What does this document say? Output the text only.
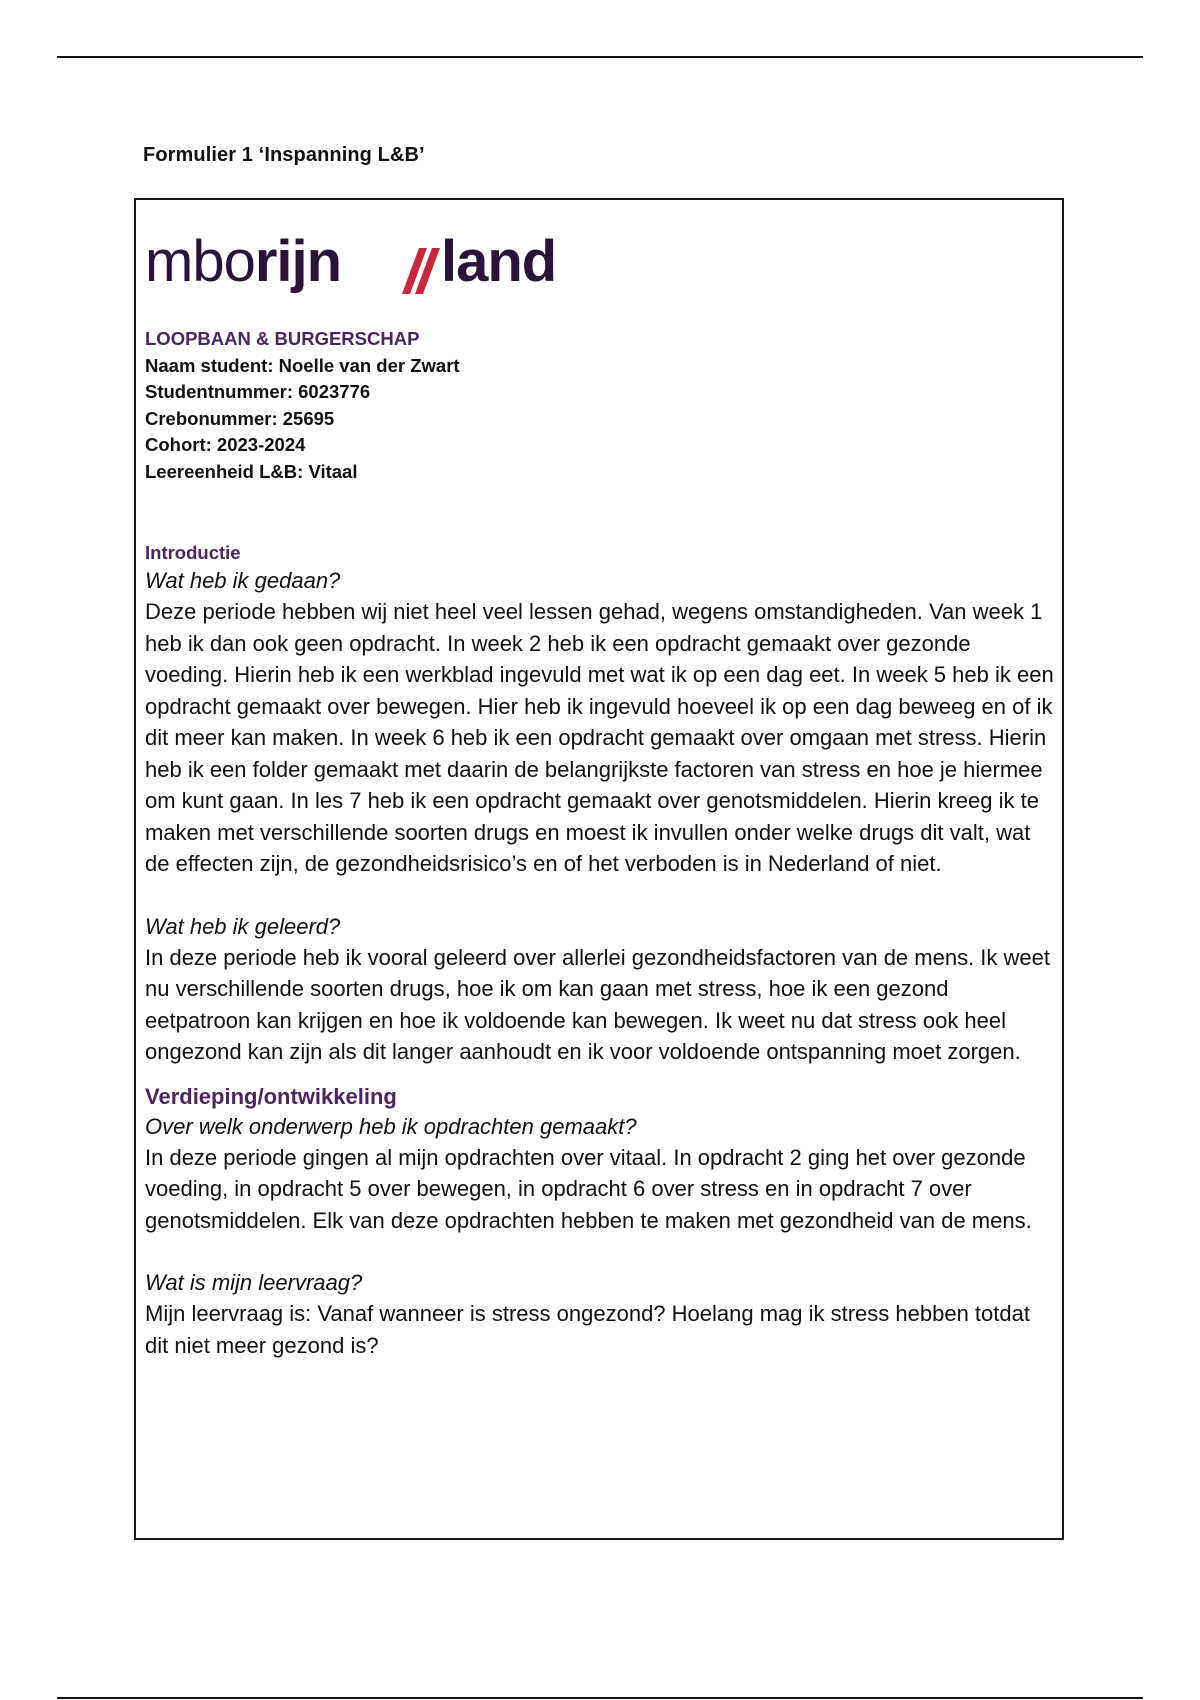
Formulier 1 ‘Inspanning L&B’
mborijn land
LOOPBAAN & BURGERSCHAP
Naam student: Noelle van der Zwart
Studentnummer: 6023776
Crebonummer: 25695
Cohort: 2023-2024
Leereenheid L&B: Vitaal
Introductie
Wat heb ik gedaan?

Deze periode hebben wij niet heel veel lessen gehad, wegens omstandigheden. Van week 1 heb ik dan ook geen opdracht. In week 2 heb ik een opdracht gemaakt over gezonde voeding. Hierin heb ik een werkblad ingevuld met wat ik op een dag eet. In week 5 heb ik een opdracht gemaakt over bewegen. Hier heb ik ingevuld hoeveel ik op een dag beweeg en of ik dit meer kan maken. In week 6 heb ik een opdracht gemaakt over omgaan met stress. Hierin heb ik een folder gemaakt met daarin de belangrijkste factoren van stress en hoe je hiermee om kunt gaan. In les 7 heb ik een opdracht gemaakt over genotsmiddelen. Hierin kreeg ik te maken met verschillende soorten drugs en moest ik invullen onder welke drugs dit valt, wat de effecten zijn, de gezondheidsrisico’s en of het verboden is in Nederland of niet.

Wat heb ik geleerd?

In deze periode heb ik vooral geleerd over allerlei gezondheidsfactoren van de mens. Ik weet nu verschillende soorten drugs, hoe ik om kan gaan met stress, hoe ik een gezond eetpatroon kan krijgen en hoe ik voldoende kan bewegen. Ik weet nu dat stress ook heel ongezond kan zijn als dit langer aanhoudt en ik voor voldoende ontspanning moet zorgen.

Verdieping/ontwikkeling
Over welk onderwerp heb ik opdrachten gemaakt?

In deze periode gingen al mijn opdrachten over vitaal. In opdracht 2 ging het over gezonde voeding, in opdracht 5 over bewegen, in opdracht 6 over stress en in opdracht 7 over genotsmiddelen. Elk van deze opdrachten hebben te maken met gezondheid van de mens.

Wat is mijn leervraag?

Mijn leervraag is: Vanaf wanneer is stress ongezond? Hoelang mag ik stress hebben totdat dit niet meer gezond is?
